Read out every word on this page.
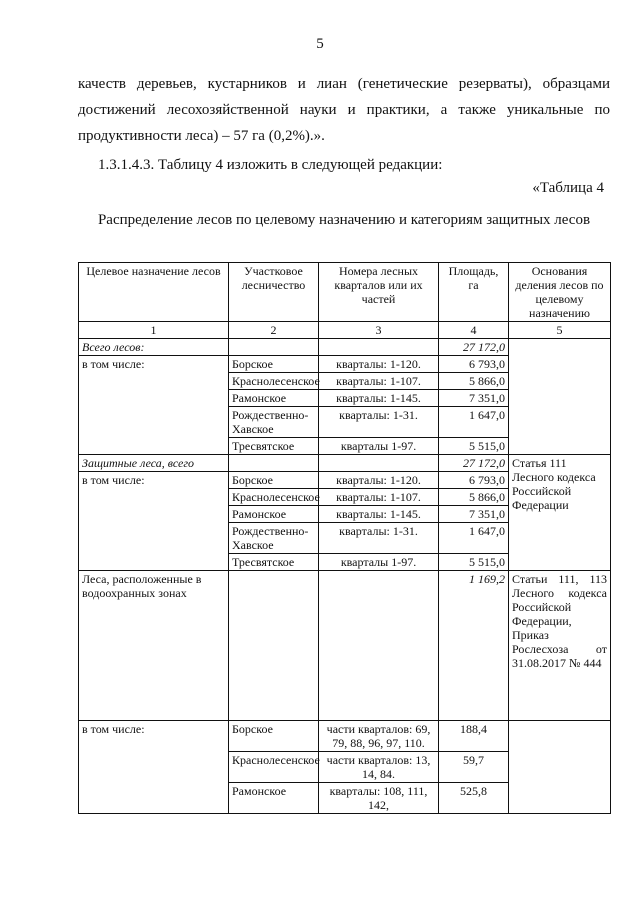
5
качеств деревьев, кустарников и лиан (генетические резерваты), образцами достижений лесохозяйственной науки и практики, а также уникальные по продуктивности леса) – 57 га (0,2%).».
1.3.1.4.3. Таблицу 4 изложить в следующей редакции:
«Таблица 4
Распределение лесов по целевому назначению и категориям защитных лесов
Целевое назначение лесов	Участковое лесничество	Номера лесных кварталов или их частей	Площадь, га	Основания деления лесов по целевому назначению
1	2	3	4	5
Всего лесов:			27 172,0	
в том числе:	Борское	кварталы: 1-120.	6 793,0	
	Краснолесенское	кварталы: 1-107.	5 866,0	
	Рамонское	кварталы: 1-145.	7 351,0	
	Рождественно-Хавское	кварталы: 1-31.	1 647,0	
	Тресвятское	кварталы 1-97.	5 515,0	
Защитные леса, всего			27 172,0	Статья 111 Лесного кодекса Российской Федерации
в том числе:	Борское	кварталы: 1-120.	6 793,0	
	Краснолесенское	кварталы: 1-107.	5 866,0	
	Рамонское	кварталы: 1-145.	7 351,0	
	Рождественно-Хавское	кварталы: 1-31.	1 647,0	
	Тресвятское	кварталы 1-97.	5 515,0	
Леса, расположенные в водоохранных зонах			1 169,2	Статьи 111, 113 Лесного кодекса Российской Федерации, Приказ Рослесхоза от 31.08.2017 № 444
в том числе:	Борское	части кварталов: 69, 79, 88, 96, 97, 110.	188,4	
	Краснолесенское	части кварталов: 13, 14, 84.	59,7	
	Рамонское	кварталы: 108, 111, 142,	525,8	
